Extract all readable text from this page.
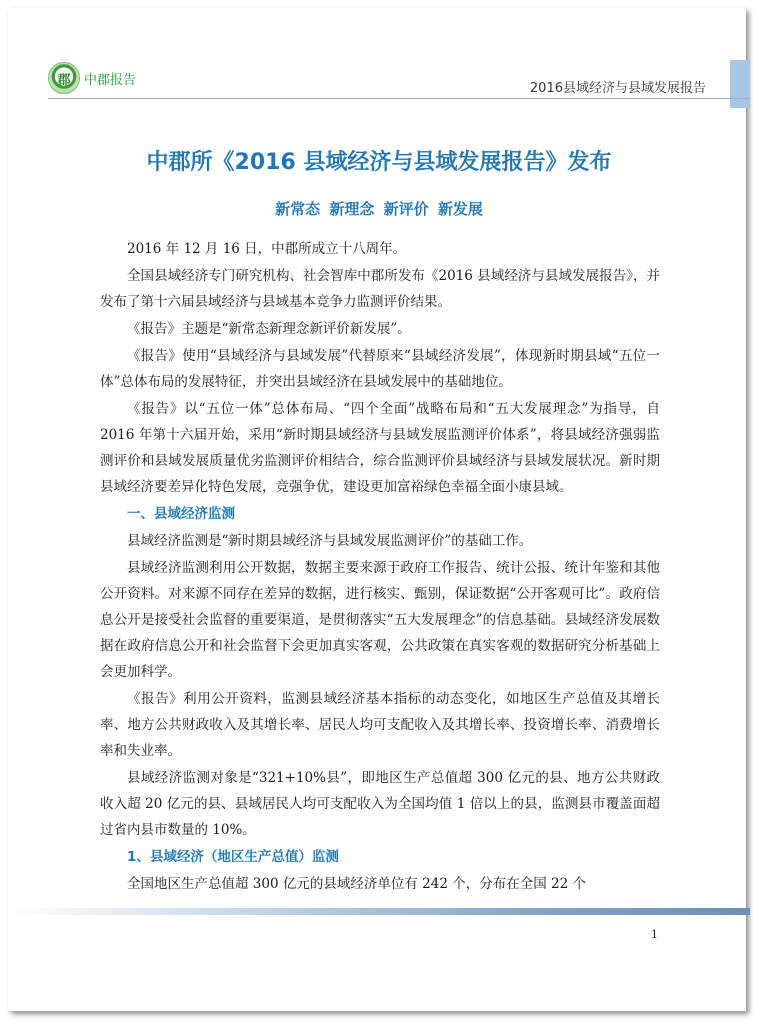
郡 中郡报告
2016县域经济与县域发展报告
中郡所《2016 县域经济与县域发展报告》发布
新常态 新理念 新评价 新发展

2016 年 12 月 16 日，中郡所成立十八周年。

全国县域经济专门研究机构、社会智库中郡所发布《2016 县域经济与县域发展报告》，并发布了第十六届县域经济与县域基本竞争力监测评价结果。

《报告》主题是“新常态新理念新评价新发展”。

《报告》使用“县域经济与县域发展”代替原来“县域经济发展”，体现新时期县域“五位一体”总体布局的发展特征，并突出县域经济在县域发展中的基础地位。

《报告》以“五位一体”总体布局、“四个全面”战略布局和“五大发展理念”为指导，自 2016 年第十六届开始，采用“新时期县域经济与县域发展监测评价体系”，将县域经济强弱监测评价和县域发展质量优劣监测评价相结合，综合监测评价县域经济与县域发展状况。新时期县域经济要差异化特色发展，竞强争优，建设更加富裕绿色幸福全面小康县域。

一、县域经济监测

县域经济监测是“新时期县域经济与县域发展监测评价”的基础工作。

县域经济监测利用公开数据，数据主要来源于政府工作报告、统计公报、统计年鉴和其他公开资料。对来源不同存在差异的数据，进行核实、甄别，保证数据“公开客观可比”。政府信息公开是接受社会监督的重要渠道，是贯彻落实“五大发展理念”的信息基础。县域经济发展数据在政府信息公开和社会监督下会更加真实客观，公共政策在真实客观的数据研究分析基础上会更加科学。

《报告》利用公开资料，监测县域经济基本指标的动态变化，如地区生产总值及其增长率、地方公共财政收入及其增长率、居民人均可支配收入及其增长率、投资增长率、消费增长率和失业率。

县域经济监测对象是“321+10%县”，即地区生产总值超 300 亿元的县、地方公共财政收入超 20 亿元的县、县域居民人均可支配收入为全国均值 1 倍以上的县，监测县市覆盖面超过省内县市数量的 10%。

1、县域经济（地区生产总值）监测

全国地区生产总值超 300 亿元的县域经济单位有 242 个，分布在全国 22 个

1
